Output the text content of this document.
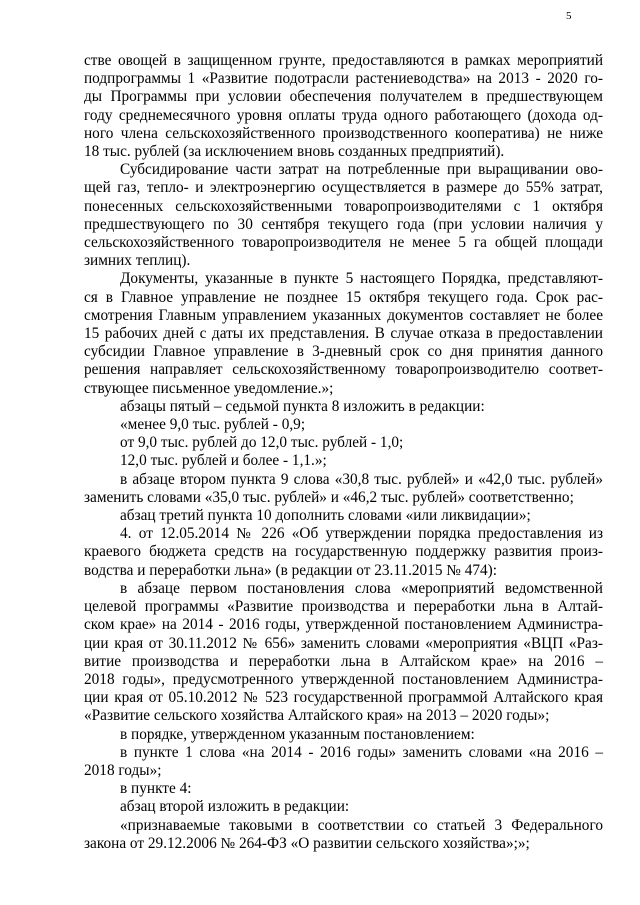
5

стве овощей в защищенном грунте, предоставляются в рамках мероприятий

подпрограммы 1 «Развитие подотрасли растениеводства» на 2013 - 2020 го-

ды Программы при условии обеспечения получателем в предшествующем

году среднемесячного уровня оплаты труда одного работающего (дохода од-

ного члена сельскохозяйственного производственного кооператива) не ниже

18 тыс. рублей (за исключением вновь созданных предприятий).

Субсидирование части затрат на потребленные при выращивании ово-

щей газ, тепло- и электроэнергию осуществляется в размере до 55% затрат,

понесенных сельскохозяйственными товаропроизводителями с 1 октября

предшествующего по 30 сентября текущего года (при условии наличия у

сельскохозяйственного товаропроизводителя не менее 5 га общей площади

зимних теплиц).

Документы, указанные в пункте 5 настоящего Порядка, представляют-

ся в Главное управление не позднее 15 октября текущего года. Срок рас-

смотрения Главным управлением указанных документов составляет не более

15 рабочих дней с даты их представления. В случае отказа в предоставлении

субсидии Главное управление в 3-дневный срок со дня принятия данного

решения направляет сельскохозяйственному товаропроизводителю соответ-

ствующее письменное уведомление.»;

абзацы пятый – седьмой пункта 8 изложить в редакции:

«менее 9,0 тыс. рублей - 0,9;

от 9,0 тыс. рублей до 12,0 тыс. рублей - 1,0;

12,0 тыс. рублей и более - 1,1.»;

в абзаце втором пункта 9 слова «30,8 тыс. рублей» и «42,0 тыс. рублей»

заменить словами «35,0 тыс. рублей» и «46,2 тыс. рублей» соответственно;

абзац третий пункта 10 дополнить словами «или ликвидации»;

4. от 12.05.2014 № 226 «Об утверждении порядка предоставления из

краевого бюджета средств на государственную поддержку развития произ-

водства и переработки льна» (в редакции от 23.11.2015 № 474):

в абзаце первом постановления слова «мероприятий ведомственной

целевой программы «Развитие производства и переработки льна в Алтай-

ском крае» на 2014 - 2016 годы, утвержденной постановлением Администра-

ции края от 30.11.2012 № 656» заменить словами «мероприятия «ВЦП «Раз-

витие производства и переработки льна в Алтайском крае» на 2016 –

2018 годы», предусмотренного утвержденной постановлением Администра-

ции края от 05.10.2012 № 523 государственной программой Алтайского края

«Развитие сельского хозяйства Алтайского края» на 2013 – 2020 годы»;

в порядке, утвержденном указанным постановлением:

в пункте 1 слова «на 2014 - 2016 годы» заменить словами «на 2016 –

2018 годы»;

в пункте 4:

абзац второй изложить в редакции:

«признаваемые таковыми в соответствии со статьей 3 Федерального

закона от 29.12.2006 № 264-ФЗ «О развитии сельского хозяйства»;»;
